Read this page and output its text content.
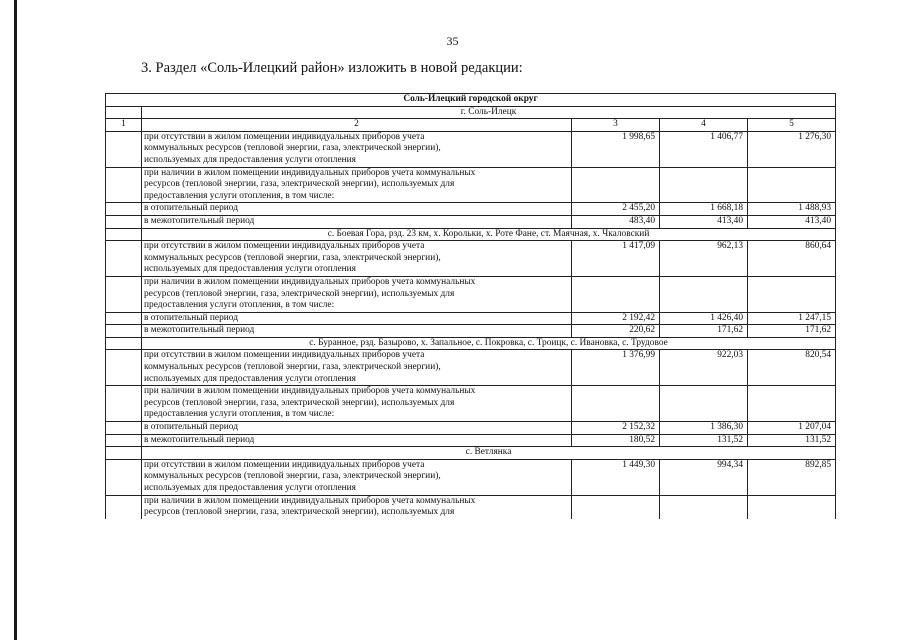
35
3. Раздел «Соль-Илецкий район» изложить в новой редакции:
Соль-Илецкий городской округ				
	г. Соль-Илецк			
1	2	3	4	5

	при отсутствии в жилом помещении индивидуальных приборов учета
коммунальных ресурсов (тепловой энергии, газа, электрической энергии),
используемых для предоставления услуги отопления	1 998,65	1 406,77	1 276,30

	при наличии в жилом помещении индивидуальных приборов учета коммунальных
ресурсов (тепловой энергии, газа, электрической энергии), используемых для
предоставления услуги отопления, в том числе:			

	в отопительный период	2 455,20	1 668,18	1 488,93

	в межотопительный период	483,40	413,40	413,40
	с. Боевая Гора, рзд. 23 км, х. Корольки, х. Роте Фане, ст. Маячная, х. Чкаловский			

	при отсутствии в жилом помещении индивидуальных приборов учета
коммунальных ресурсов (тепловой энергии, газа, электрической энергии),
используемых для предоставления услуги отопления	1 417,09	962,13	860,64

	при наличии в жилом помещении индивидуальных приборов учета коммунальных
ресурсов (тепловой энергии, газа, электрической энергии), используемых для
предоставления услуги отопления, в том числе:			

	в отопительный период	2 192,42	1 426,40	1 247,15

	в межотопительный период	220,62	171,62	171,62
	с. Буранное, рзд. Базырово, х. Запальное, с. Покровка, с. Троицк, с. Ивановка, с. Трудовое			

	при отсутствии в жилом помещении индивидуальных приборов учета
коммунальных ресурсов (тепловой энергии, газа, электрической энергии),
используемых для предоставления услуги отопления	1 376,99	922,03	820,54

	при наличии в жилом помещении индивидуальных приборов учета коммунальных
ресурсов (тепловой энергии, газа, электрической энергии), используемых для
предоставления услуги отопления, в том числе:			

	в отопительный период	2 152,32	1 386,30	1 207,04

	в межотопительный период	180,52	131,52	131,52
	с. Ветлянка			

	при отсутствии в жилом помещении индивидуальных приборов учета
коммунальных ресурсов (тепловой энергии, газа, электрической энергии),
используемых для предоставления услуги отопления	1 449,30	994,34	892,85

	при наличии в жилом помещении индивидуальных приборов учета коммунальных
ресурсов (тепловой энергии, газа, электрической энергии), используемых для			
